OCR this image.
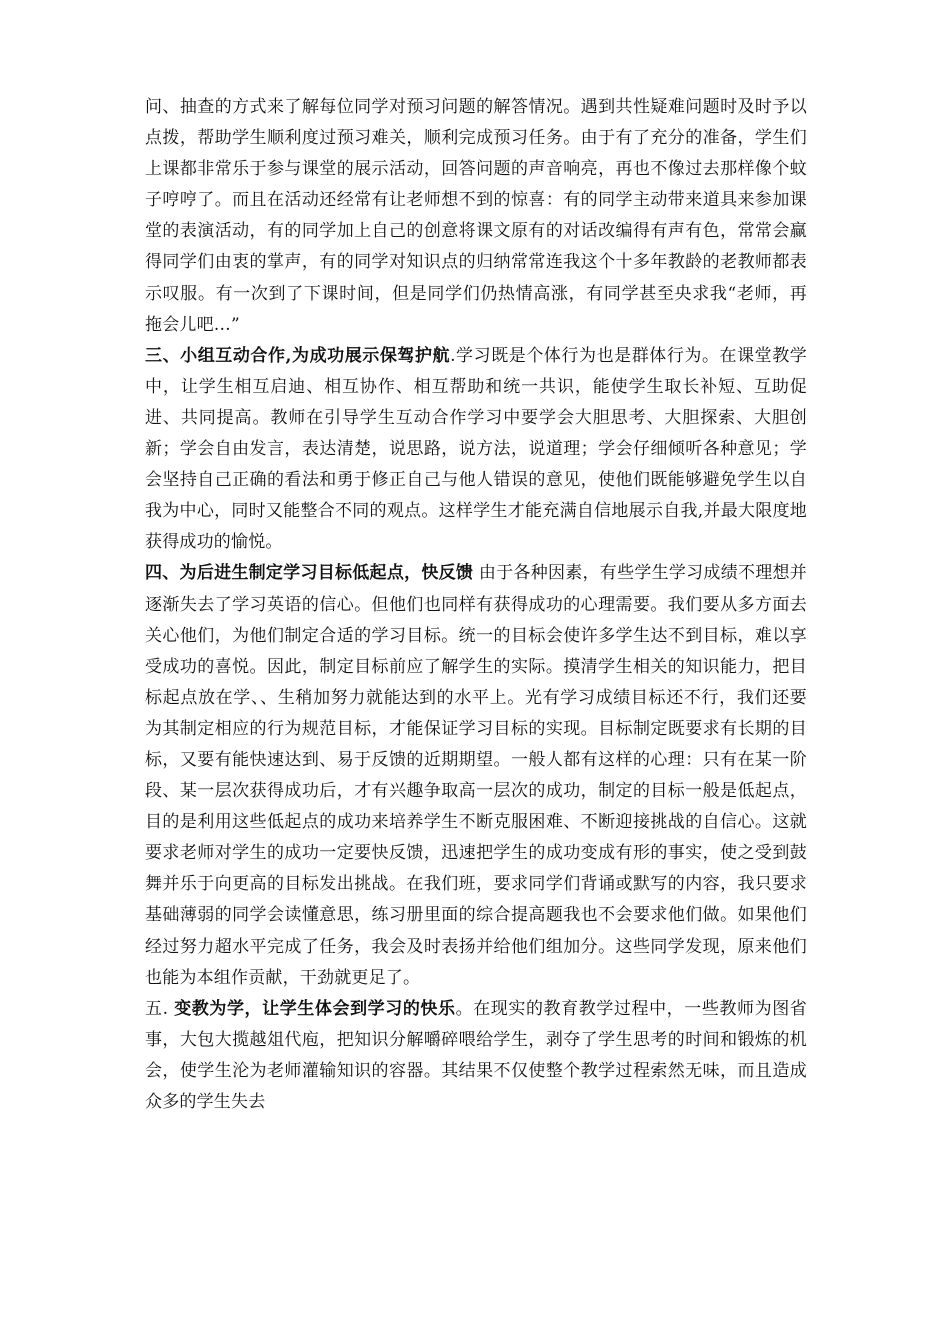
问、抽查的方式来了解每位同学对预习问题的解答情况。遇到共性疑难问题时及时予以点拨，帮助学生顺利度过预习难关，顺利完成预习任务。由于有了充分的准备，学生们上课都非常乐于参与课堂的展示活动，回答问题的声音响亮，再也不像过去那样像个蚊子哼哼了。而且在活动还经常有让老师想不到的惊喜：有的同学主动带来道具来参加课堂的表演活动，有的同学加上自己的创意将课文原有的对话改编得有声有色，常常会赢得同学们由衷的掌声，有的同学对知识点的归纳常常连我这个十多年教龄的老教师都表示叹服。有一次到了下课时间，但是同学们仍热情高涨，有同学甚至央求我“老师，再拖会儿吧…”

三、小组互动合作,为成功展示保驾护航.学习既是个体行为也是群体行为。在课堂教学中，让学生相互启迪、相互协作、相互帮助和统一共识，能使学生取长补短、互助促进、共同提高。教师在引导学生互动合作学习中要学会大胆思考、大胆探索、大胆创新；学会自由发言，表达清楚，说思路，说方法，说道理；学会仔细倾听各种意见；学会坚持自己正确的看法和勇于修正自己与他人错误的意见，使他们既能够避免学生以自我为中心，同时又能整合不同的观点。这样学生才能充满自信地展示自我,并最大限度地获得成功的愉悦。

四、为后进生制定学习目标低起点，快反馈 由于各种因素，有些学生学习成绩不理想并逐渐失去了学习英语的信心。但他们也同样有获得成功的心理需要。我们要从多方面去关心他们，为他们制定合适的学习目标。统一的目标会使许多学生达不到目标，难以享受成功的喜悦。因此，制定目标前应了解学生的实际。摸清学生相关的知识能力，把目标起点放在学、、生稍加努力就能达到的水平上。光有学习成绩目标还不行，我们还要为其制定相应的行为规范目标，才能保证学习目标的实现。目标制定既要求有长期的目标，又要有能快速达到、易于反馈的近期期望。一般人都有这样的心理：只有在某一阶段、某一层次获得成功后，才有兴趣争取高一层次的成功，制定的目标一般是低起点，目的是利用这些低起点的成功来培养学生不断克服困难、不断迎接挑战的自信心。这就要求老师对学生的成功一定要快反馈，迅速把学生的成功变成有形的事实，使之受到鼓舞并乐于向更高的目标发出挑战。在我们班，要求同学们背诵或默写的内容，我只要求基础薄弱的同学会读懂意思，练习册里面的综合提高题我也不会要求他们做。如果他们经过努力超水平完成了任务，我会及时表扬并给他们组加分。这些同学发现，原来他们也能为本组作贡献，干劲就更足了。

五. 变教为学，让学生体会到学习的快乐。在现实的教育教学过程中，一些教师为图省事，大包大揽越俎代庖，把知识分解嚼碎喂给学生，剥夺了学生思考的时间和锻炼的机会，使学生沦为老师灌输知识的容器。其结果不仅使整个教学过程索然无味，而且造成众多的学生失去
